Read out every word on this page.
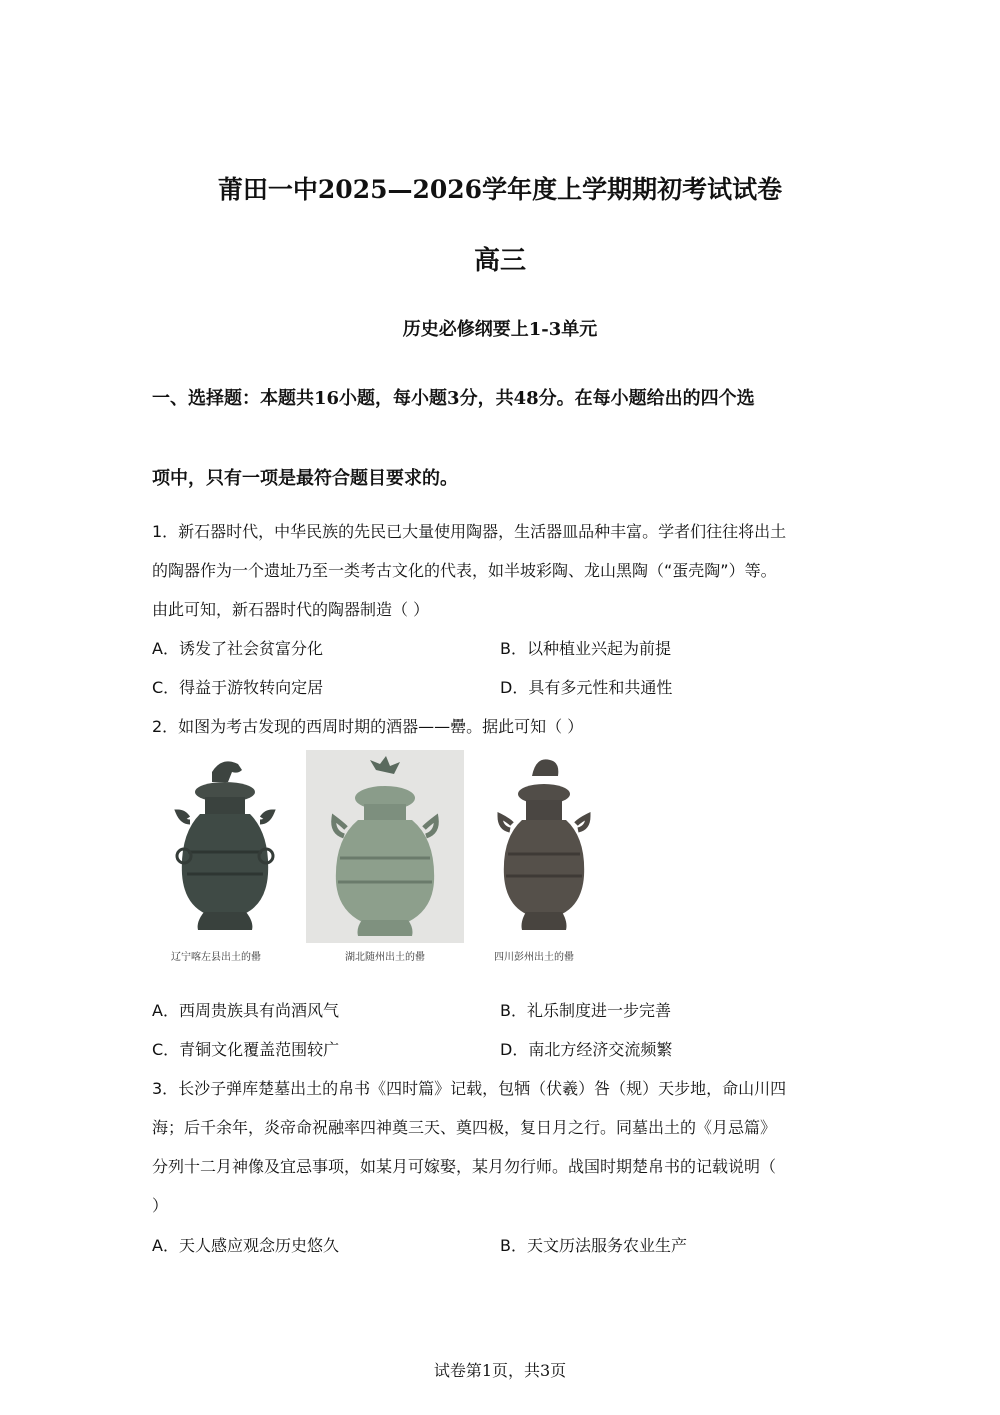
莆田一中2025—2026学年度上学期期初考试试卷
高三
历史必修纲要上1-3单元
一、选择题：本题共16小题，每小题3分，共48分。在每小题给出的四个选
项中，只有一项是最符合题目要求的。
1．新石器时代，中华民族的先民已大量使用陶器，生活器皿品种丰富。学者们往往将出土
的陶器作为一个遗址乃至一类考古文化的代表，如半坡彩陶、龙山黑陶（“蛋壳陶”）等。
由此可知，新石器时代的陶器制造（ ）
A．诱发了社会贫富分化	B．以种植业兴起为前提
C．得益于游牧转向定居	D．具有多元性和共通性
2．如图为考古发现的西周时期的酒器——罍。据此可知（ ）
辽宁喀左县出土的罍	湖北随州出土的罍	四川彭州出土的罍
A．西周贵族具有尚酒风气	B．礼乐制度进一步完善
C．青铜文化覆盖范围较广	D．南北方经济交流频繁
3．长沙子弹库楚墓出土的帛书《四时篇》记载，包牺（伏羲）咎（规）天步地，命山川四
海；后千余年，炎帝命祝融率四神奠三天、奠四极，复日月之行。同墓出土的《月忌篇》
分列十二月神像及宜忌事项，如某月可嫁娶，某月勿行师。战国时期楚帛书的记载说明（
）
A．天人感应观念历史悠久	B．天文历法服务农业生产
试卷第1页，共3页
